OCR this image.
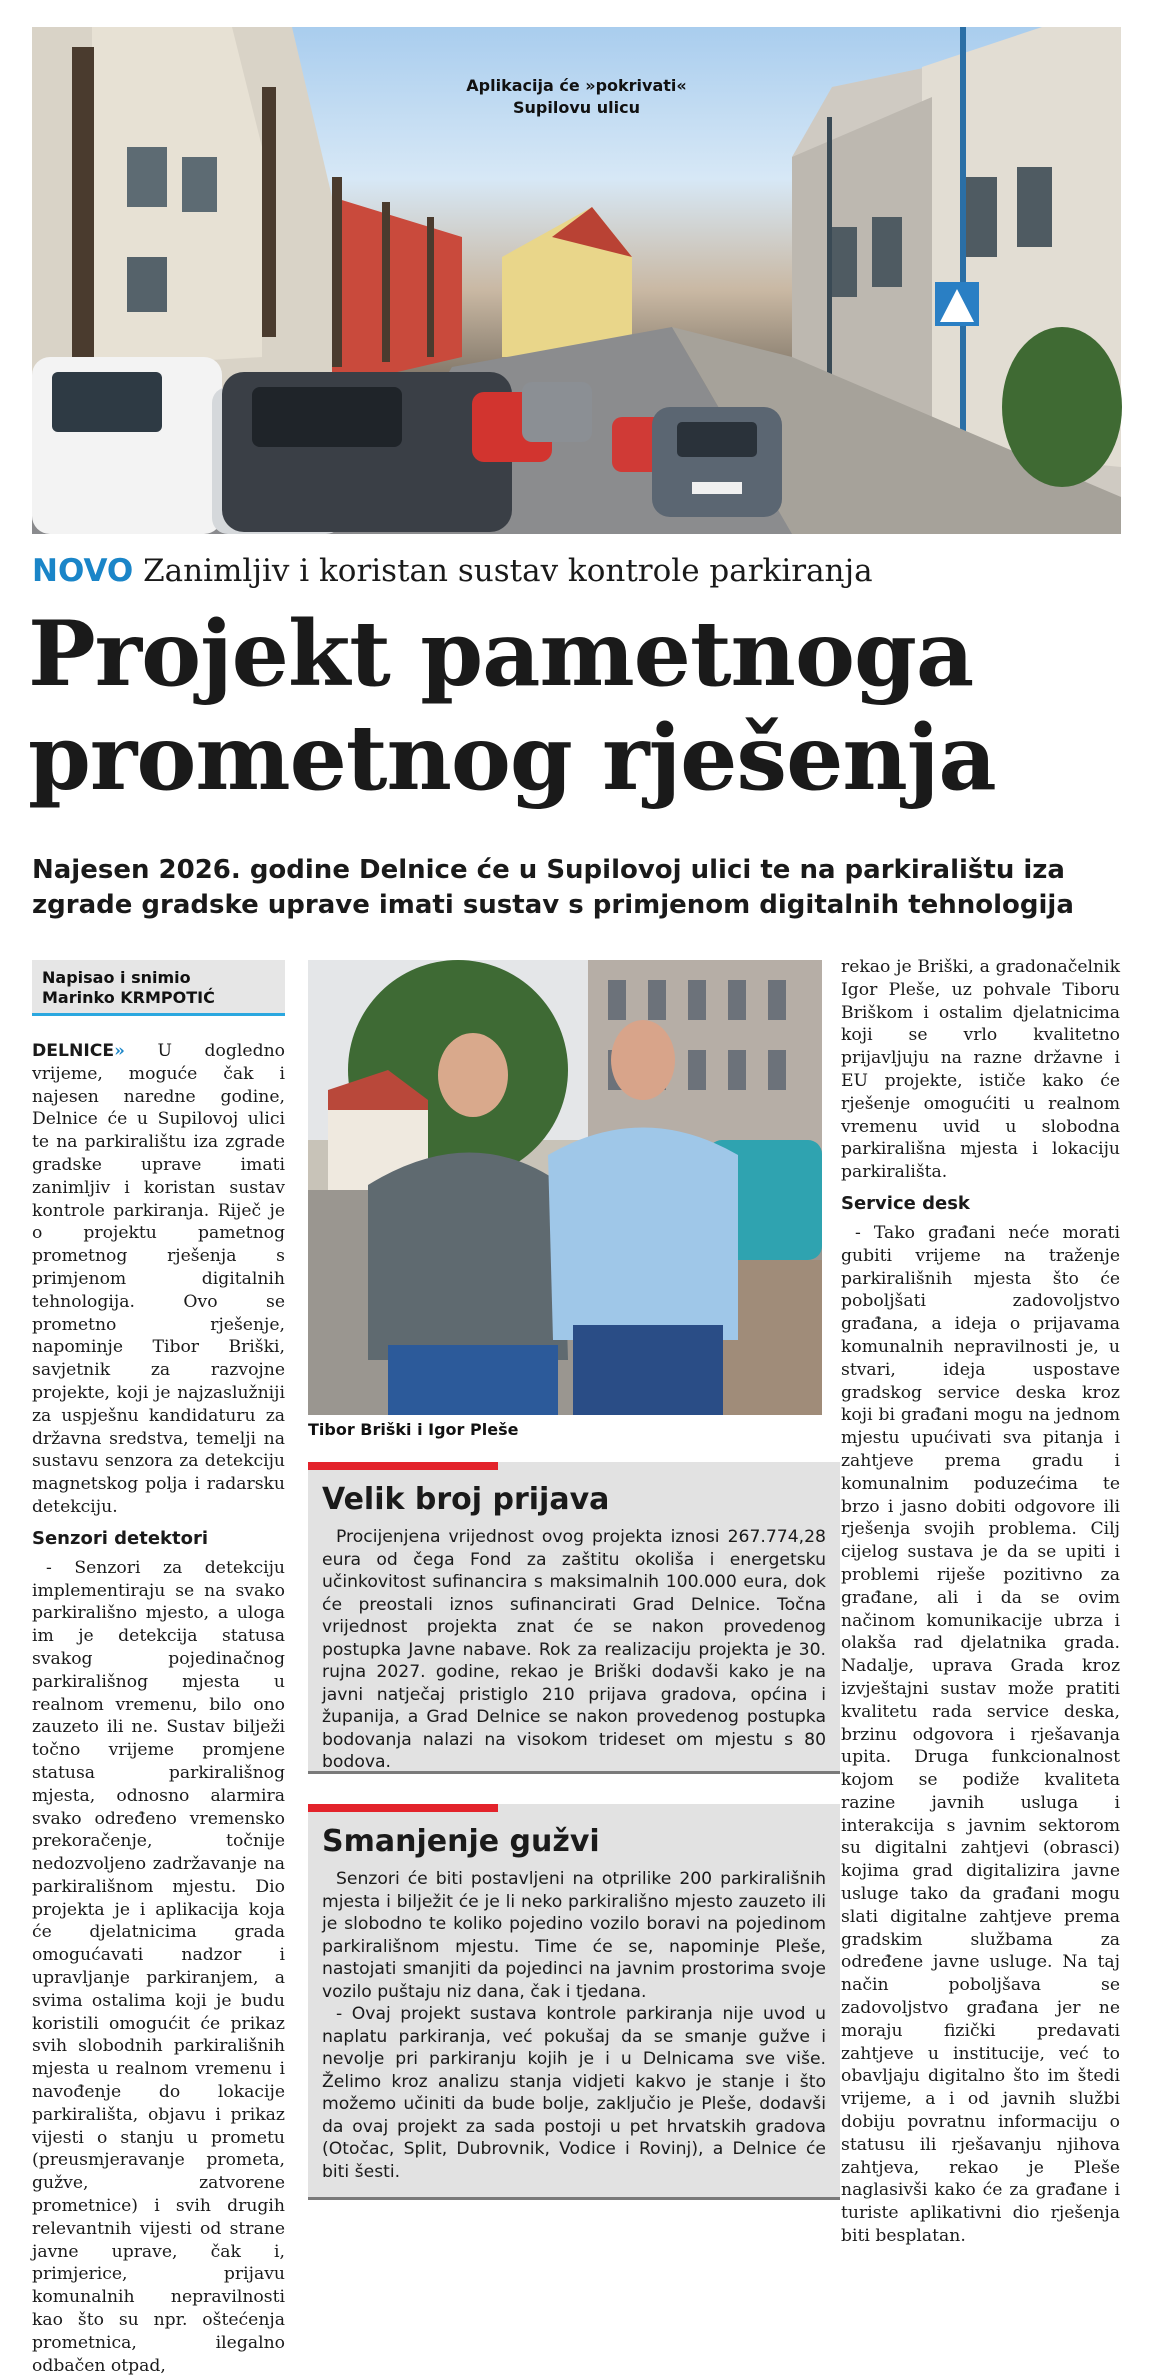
Aplikacija će »pokrivati«
Supilovu ulicu
NOVO Zanimljiv i koristan sustav kontrole parkiranja
Projekt pametnoga
prometnog rješenja
Najesen 2026. godine Delnice će u Supilovoj ulici te na parkiralištu iza
zgrade gradske uprave imati sustav s primjenom digitalnih tehnologija
Napisao i snimio
Marinko KRMPOTIĆ

DELNICE» U dogledno vrijeme, moguće čak i najesen naredne godine, Delnice će u Supilovoj ulici te na parkiralištu iza zgrade gradske uprave imati zanimljiv i koristan sustav kontrole parkiranja. Riječ je o projektu pametnog prometnog rješenja s primjenom digitalnih tehnologija. Ovo se prometno rješenje, napominje Tibor Briški, savjetnik za razvojne projekte, koji je najzaslužniji za uspješnu kandidaturu za državna sredstva, temelji na sustavu senzora za detekciju magnetskog polja i radarsku detekciju.

Senzori detektori

- Senzori za detekciju implementiraju se na svako parkirališno mjesto, a uloga im je detekcija statusa svakog pojedinačnog parkirališnog mjesta u realnom vremenu, bilo ono zauzeto ili ne. Sustav bilježi točno vrijeme promjene statusa parkirališnog mjesta, odnosno alarmira svako određeno vremensko prekoračenje, točnije nedozvoljeno zadržavanje na parkirališnom mjestu. Dio projekta je i aplikacija koja će djelatnicima grada omogućavati nadzor i upravljanje parkiranjem, a svima ostalima koji je budu koristili omogućit će prikaz svih slobodnih parkirališnih mjesta u realnom vremenu i navođenje do lokacije parkirališta, objavu i prikaz vijesti o stanju u prometu (preusmjeravanje prometa, gužve, zatvorene prometnice) i svih drugih relevantnih vijesti od strane javne uprave, čak i, primjerice, prijavu komunalnih nepravilnosti kao što su npr. oštećenja prometnica, ilegalno odbačen otpad,

Tibor Briški i Igor Pleše
Velik broj prijava

Procijenjena vrijednost ovog projekta iznosi 267.774,28 eura od čega Fond za zaštitu okoliša i energetsku učinkovitost sufinancira s maksimalnih 100.000 eura, dok će preostali iznos sufinancirati Grad Delnice. Točna vrijednost projekta znat će se nakon provedenog postupka Javne nabave. Rok za realizaciju projekta je 30. rujna 2027. godine, rekao je Briški dodavši kako je na javni natječaj pristiglo 210 prijava gradova, općina i županija, a Grad Delnice se nakon provedenog postupka bodovanja nalazi na visokom trideset om mjestu s 80 bodova.

Smanjenje gužvi

Senzori će biti postavljeni na otprilike 200 parkirališnih mjesta i bilježit će je li neko parkirališno mjesto zauzeto ili je slobodno te koliko pojedino vozilo boravi na pojedinom parkirališnom mjestu. Time će se, napominje Pleše, nastojati smanjiti da pojedinci na javnim prostorima svoje vozilo puštaju niz dana, čak i tjedana.

- Ovaj projekt sustava kontrole parkiranja nije uvod u naplatu parkiranja, već pokušaj da se smanje gužve i nevolje pri parkiranju kojih je i u Delnicama sve više. Želimo kroz analizu stanja vidjeti kakvo je stanje i što možemo učiniti da bude bolje, zaključio je Pleše, dodavši da ovaj projekt za sada postoji u pet hrvatskih gradova (Otočac, Split, Dubrovnik, Vodice i Rovinj), a Delnice će biti šesti.

rekao je Briški, a gradonačelnik Igor Pleše, uz pohvale Tiboru Briškom i ostalim djelatnicima koji se vrlo kvalitetno prijavljuju na razne državne i EU projekte, ističe kako će rješenje omogućiti u realnom vremenu uvid u slobodna parkirališna mjesta i lokaciju parkirališta.

Service desk

- Tako građani neće morati gubiti vrijeme na traženje parkirališnih mjesta što će poboljšati zadovoljstvo građana, a ideja o prijavama komunalnih nepravilnosti je, u stvari, ideja uspostave gradskog service deska kroz koji bi građani mogu na jednom mjestu upućivati sva pitanja i zahtjeve prema gradu i komunalnim poduzećima te brzo i jasno dobiti odgovore ili rješenja svojih problema. Cilj cijelog sustava je da se upiti i problemi riješe pozitivno za građane, ali i da se ovim načinom komunikacije ubrza i olakša rad djelatnika grada. Nadalje, uprava Grada kroz izvještajni sustav može pratiti kvalitetu rada service deska, brzinu odgovora i rješavanja upita. Druga funkcionalnost kojom se podiže kvaliteta razine javnih usluga i interakcija s javnim sektorom su digitalni zahtjevi (obrasci) kojima grad digitalizira javne usluge tako da građani mogu slati digitalne zahtjeve prema gradskim službama za određene javne usluge. Na taj način poboljšava se zadovoljstvo građana jer ne moraju fizički predavati zahtjeve u institucije, već to obavljaju digitalno što im štedi vrijeme, a i od javnih službi dobiju povratnu informaciju o statusu ili rješavanju njihova zahtjeva, rekao je Pleše naglasivši kako će za građane i turiste aplikativni dio rješenja biti besplatan.
